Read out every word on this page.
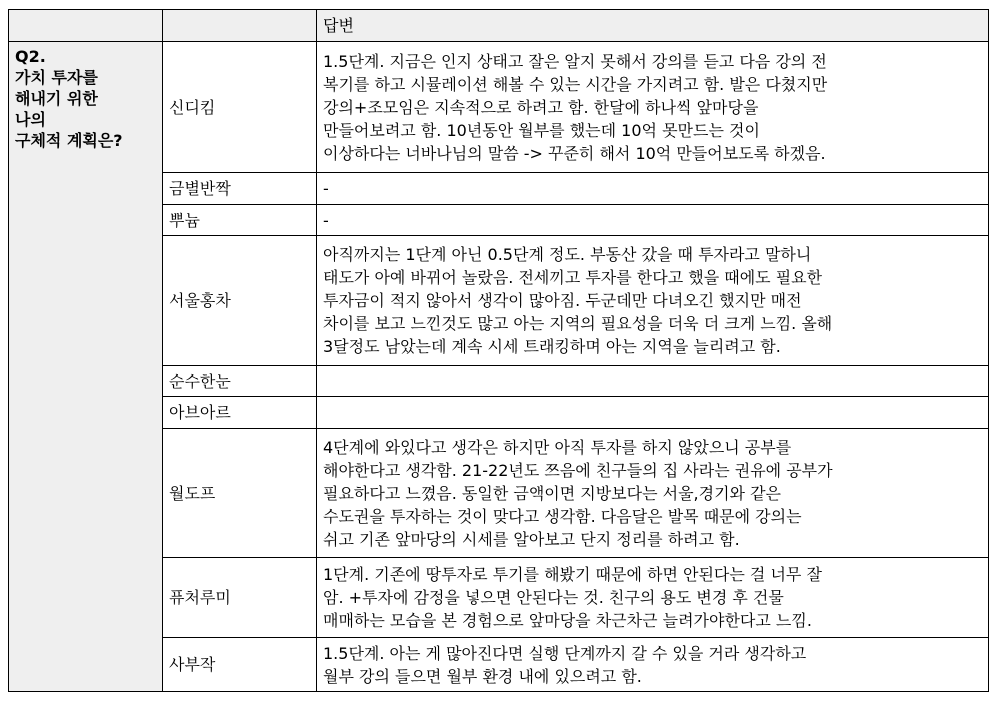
		답변

Q2.
가치 투자를
해내기 위한
나의
구체적 계획은?	신디킴	1.5단계. 지금은 인지 상태고 잘은 알지 못해서 강의를 듣고 다음 강의 전
복기를 하고 시뮬레이션 해볼 수 있는 시간을 가지려고 함. 발은 다쳤지만
강의+조모임은 지속적으로 하려고 함. 한달에 하나씩 앞마당을
만들어보려고 함. 10년동안 월부를 했는데 10억 못만드는 것이
이상하다는 너바나님의 말씀 -> 꾸준히 해서 10억 만들어보도록 하겠음.
	금별반짝	-
	뿌늄	-
	서울홍차	아직까지는 1단계 아닌 0.5단계 정도. 부동산 갔을 때 투자라고 말하니
태도가 아예 바뀌어 놀랐음. 전세끼고 투자를 한다고 했을 때에도 필요한
투자금이 적지 않아서 생각이 많아짐. 두군데만 다녀오긴 했지만 매전
차이를 보고 느낀것도 많고 아는 지역의 필요성을 더욱 더 크게 느낌. 올해
3달정도 남았는데 계속 시세 트래킹하며 아는 지역을 늘리려고 함.
	순수한눈	
	아브아르	
	월도프	4단계에 와있다고 생각은 하지만 아직 투자를 하지 않았으니 공부를
해야한다고 생각함. 21-22년도 쯔음에 친구들의 집 사라는 권유에 공부가
필요하다고 느꼈음. 동일한 금액이면 지방보다는 서울,경기와 같은
수도권을 투자하는 것이 맞다고 생각함. 다음달은 발목 때문에 강의는
쉬고 기존 앞마당의 시세를 알아보고 단지 정리를 하려고 함.
	퓨처루미	1단계. 기존에 땅투자로 투기를 해봤기 때문에 하면 안된다는 걸 너무 잘
암. +투자에 감정을 넣으면 안된다는 것. 친구의 용도 변경 후 건물
매매하는 모습을 본 경험으로 앞마당을 차근차근 늘려가야한다고 느낌.
	사부작	1.5단계. 아는 게 많아진다면 실행 단계까지 갈 수 있을 거라 생각하고
월부 강의 들으면 월부 환경 내에 있으려고 함.
